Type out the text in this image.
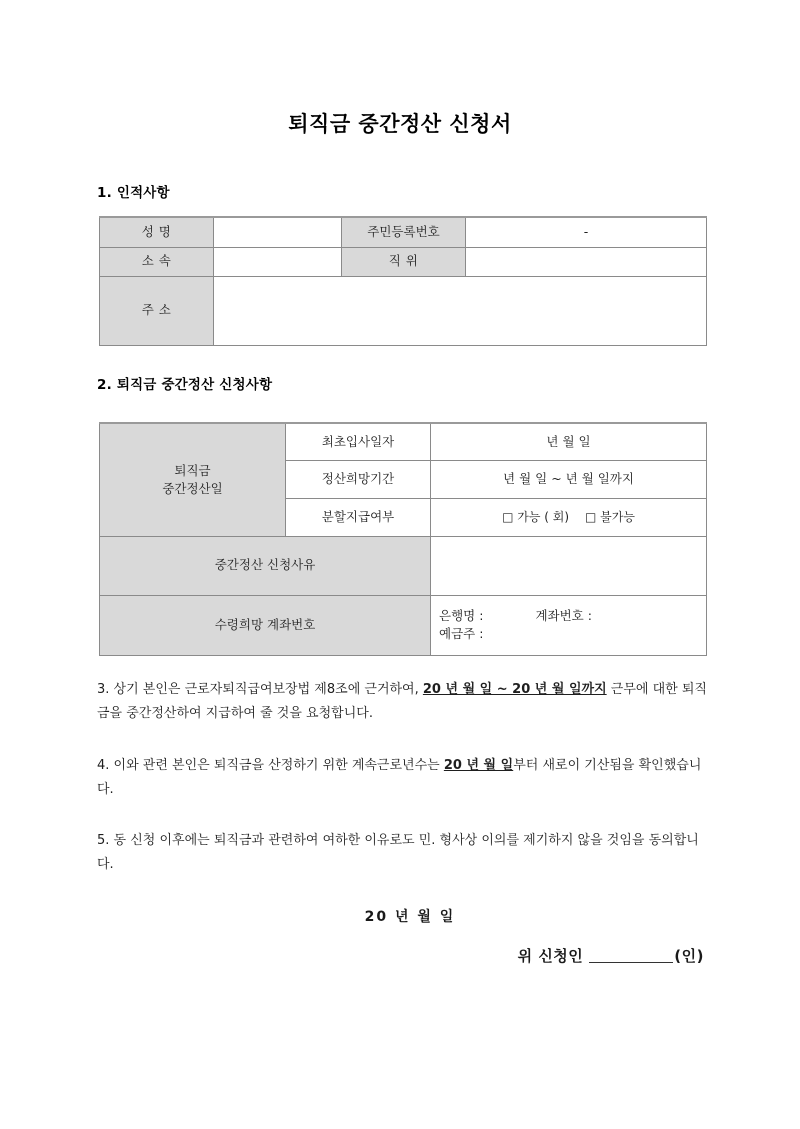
퇴직금 중간정산 신청서
1. 인적사항
성 명		주민등록번호	-
소 속		직 위	
주 소			
2. 퇴직금 중간정산 신청사항
퇴직금
중간정산일	최초입사일자	년 월 일
	정산희망기간	년 월 일 ~ 년 월 일까지
	분할지급여부	□ 가능 ( 회) □ 불가능
중간정산 신청사유		
수령희망 계좌번호		은행명 : 계좌번호 :
예금주 :
3. 상기 본인은 근로자퇴직급여보장법 제8조에 근거하여, 20 년 월 일 ~ 20 년 월 일까지 근무에 대한 퇴직금을 중간정산하여 지급하여 줄 것을 요청합니다.
4. 이와 관련 본인은 퇴직금을 산정하기 위한 계속근로년수는 20 년 월 일부터 새로이 기산됨을 확인했습니다.
5. 동 신청 이후에는 퇴직금과 관련하여 여하한 이유로도 민. 형사상 이의를 제기하지 않을 것임을 동의합니다.
20 년 월 일
위 신청인	(인)
